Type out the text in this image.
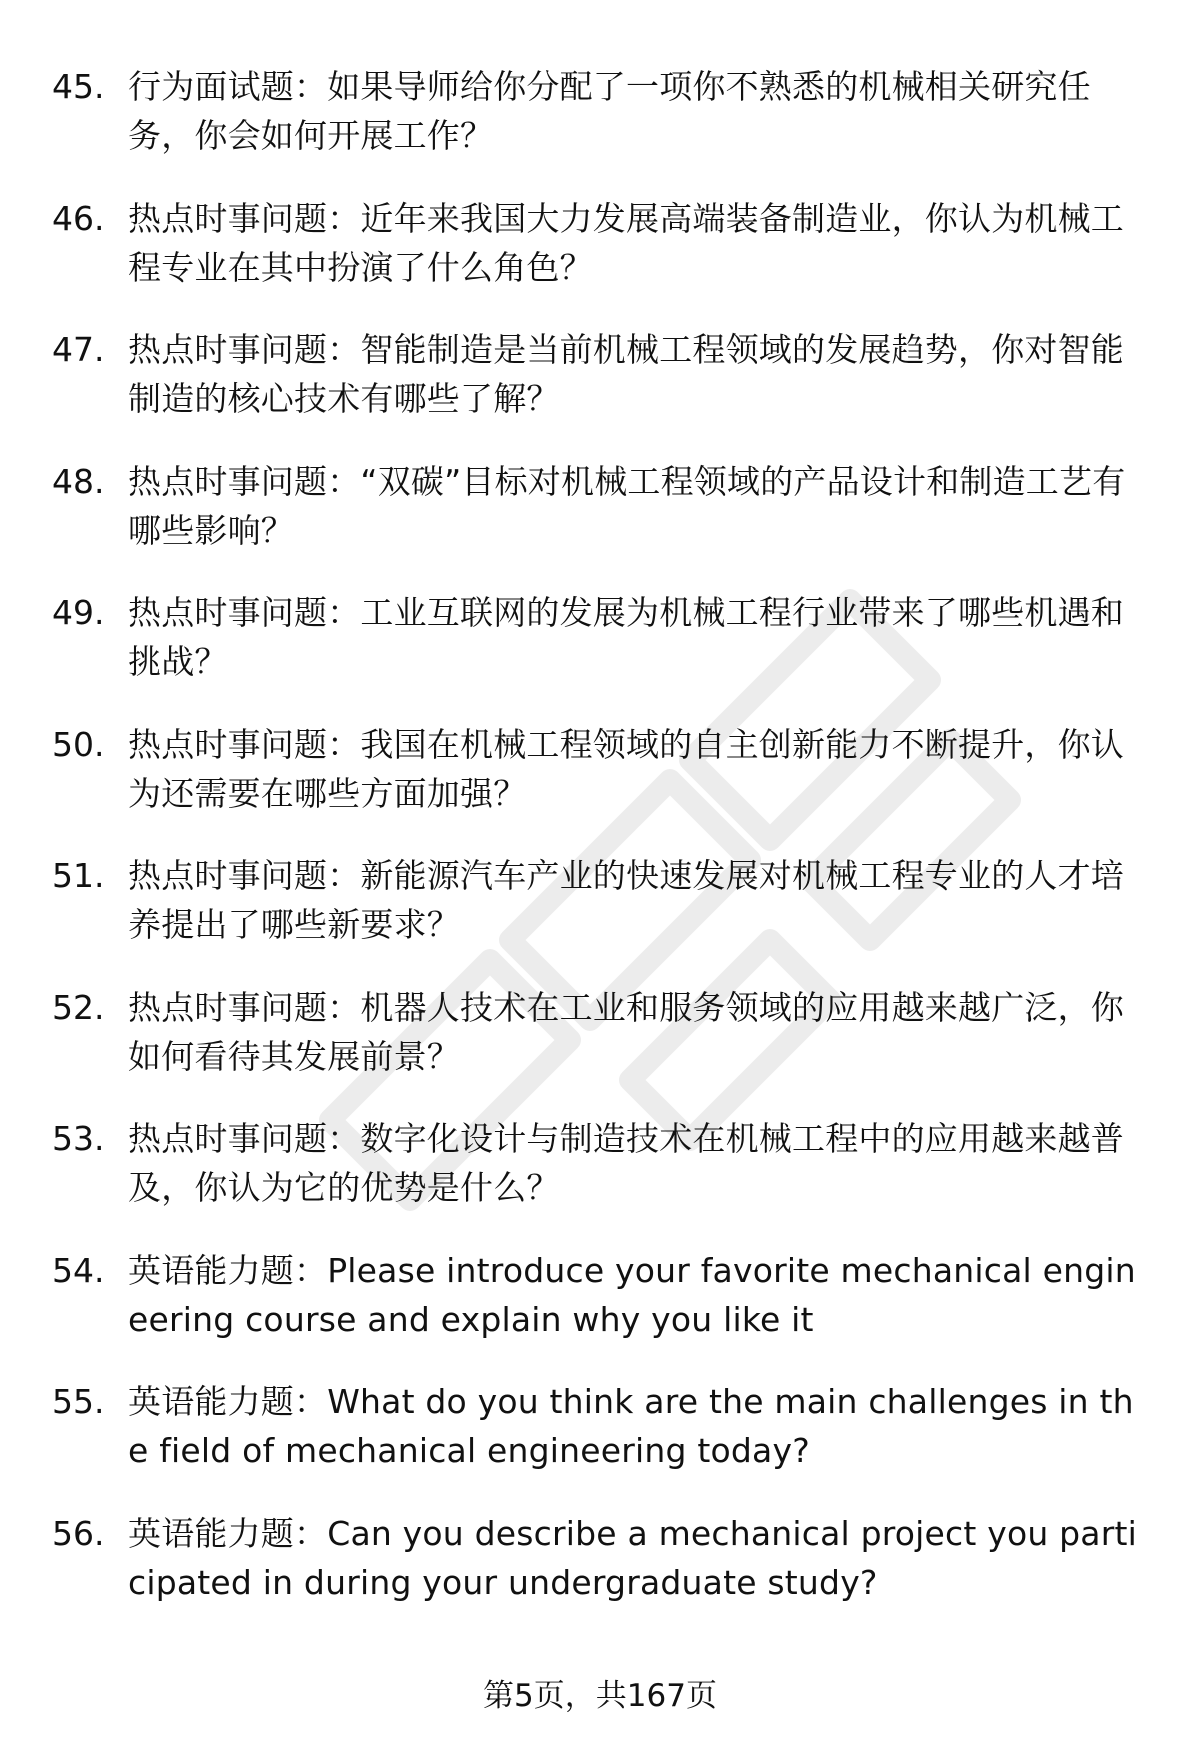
45. 行为面试题：如果导师给你分配了一项你不熟悉的机械相关研究任务，你会如何开展工作？
46. 热点时事问题：近年来我国大力发展高端装备制造业，你认为机械工程专业在其中扮演了什么角色？
47. 热点时事问题：智能制造是当前机械工程领域的发展趋势，你对智能制造的核心技术有哪些了解？
48. 热点时事问题：“双碳”目标对机械工程领域的产品设计和制造工艺有哪些影响？
49. 热点时事问题：工业互联网的发展为机械工程行业带来了哪些机遇和挑战？
50. 热点时事问题：我国在机械工程领域的自主创新能力不断提升，你认为还需要在哪些方面加强？
51. 热点时事问题：新能源汽车产业的快速发展对机械工程专业的人才培养提出了哪些新要求？
52. 热点时事问题：机器人技术在工业和服务领域的应用越来越广泛，你如何看待其发展前景？
53. 热点时事问题：数字化设计与制造技术在机械工程中的应用越来越普及，你认为它的优势是什么？
54. 英语能力题：Please introduce your favorite mechanical engineering course and explain why you like it
55. 英语能力题：What do you think are the main challenges in the field of mechanical engineering today?
56. 英语能力题：Can you describe a mechanical project you participated in during your undergraduate study?
第5页，共167页
